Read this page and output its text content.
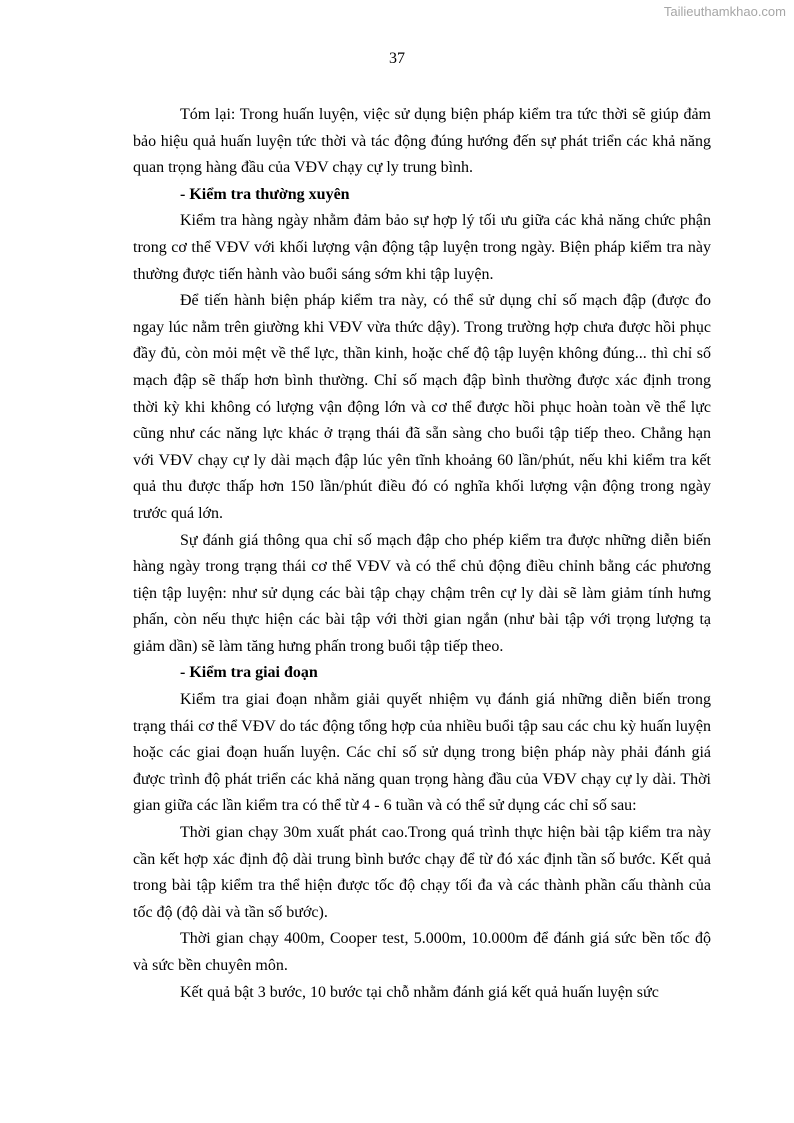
Tailieuthamkhao.com
37

Tóm lại: Trong huấn luyện, việc sử dụng biện pháp kiểm tra tức thời sẽ giúp đảm bảo hiệu quả huấn luyện tức thời và tác động đúng hướng đến sự phát triển các khả năng quan trọng hàng đầu của VĐV chạy cự ly trung bình.

- Kiểm tra thường xuyên

Kiểm tra hàng ngày nhằm đảm bảo sự hợp lý tối ưu giữa các khả năng chức phận trong cơ thể VĐV với khối lượng vận động tập luyện trong ngày. Biện pháp kiểm tra này thường được tiến hành vào buổi sáng sớm khi tập luyện.

Để tiến hành biện pháp kiểm tra này, có thể sử dụng chỉ số mạch đập (được đo ngay lúc nằm trên giường khi VĐV vừa thức dậy). Trong trường hợp chưa được hồi phục đầy đủ, còn mỏi mệt về thể lực, thần kinh, hoặc chế độ tập luyện không đúng... thì chỉ số mạch đập sẽ thấp hơn bình thường. Chỉ số mạch đập bình thường được xác định trong thời kỳ khi không có lượng vận động lớn và cơ thể được hồi phục hoàn toàn về thể lực cũng như các năng lực khác ở trạng thái đã sẵn sàng cho buổi tập tiếp theo. Chẳng hạn với VĐV chạy cự ly dài mạch đập lúc yên tĩnh khoảng 60 lần/phút, nếu khi kiểm tra kết quả thu được thấp hơn 150 lần/phút điều đó có nghĩa khối lượng vận động trong ngày trước quá lớn.

Sự đánh giá thông qua chỉ số mạch đập cho phép kiểm tra được những diễn biến hàng ngày trong trạng thái cơ thể VĐV và có thể chủ động điều chỉnh bằng các phương tiện tập luyện: như sử dụng các bài tập chạy chậm trên cự ly dài sẽ làm giảm tính hưng phấn, còn nếu thực hiện các bài tập với thời gian ngắn (như bài tập với trọng lượng tạ giảm dần) sẽ làm tăng hưng phấn trong buổi tập tiếp theo.

- Kiểm tra giai đoạn

Kiểm tra giai đoạn nhằm giải quyết nhiệm vụ đánh giá những diễn biến trong trạng thái cơ thể VĐV do tác động tổng hợp của nhiều buổi tập sau các chu kỳ huấn luyện hoặc các giai đoạn huấn luyện. Các chỉ số sử dụng trong biện pháp này phải đánh giá được trình độ phát triển các khả năng quan trọng hàng đầu của VĐV chạy cự ly dài. Thời gian giữa các lần kiểm tra có thể từ 4 - 6 tuần và có thể sử dụng các chỉ số sau:

Thời gian chạy 30m xuất phát cao.Trong quá trình thực hiện bài tập kiểm tra này cần kết hợp xác định độ dài trung bình bước chạy để từ đó xác định tần số bước. Kết quả trong bài tập kiểm tra thể hiện được tốc độ chạy tối đa và các thành phần cấu thành của tốc độ (độ dài và tần số bước).

Thời gian chạy 400m, Cooper test, 5.000m, 10.000m để đánh giá sức bền tốc độ và sức bền chuyên môn.

Kết quả bật 3 bước, 10 bước tại chỗ nhằm đánh giá kết quả huấn luyện sức
